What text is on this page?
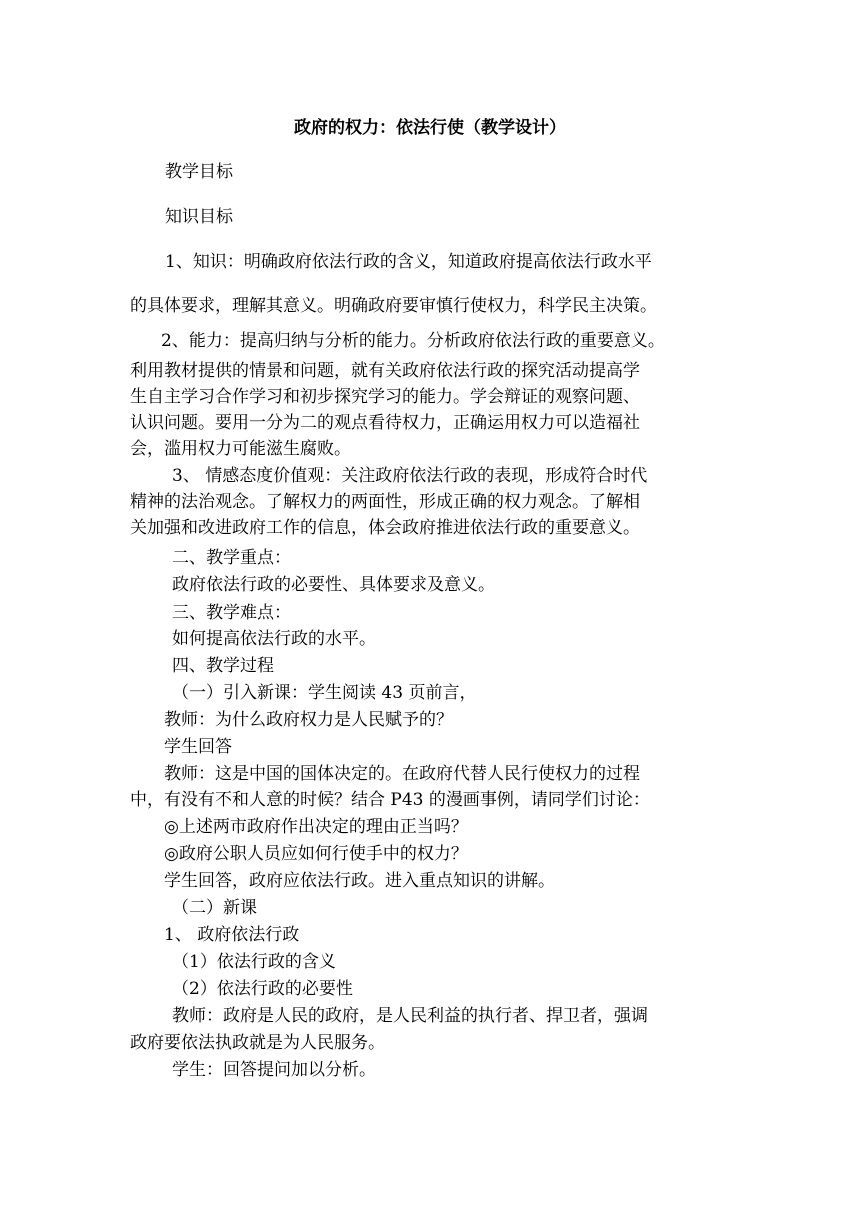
政府的权力：依法行使（教学设计）
教学目标
知识目标
1、知识：明确政府依法行政的含义，知道政府提高依法行政水平
的具体要求，理解其意义。明确政府要审慎行使权力，科学民主决策。
2、能力：提高归纳与分析的能力。分析政府依法行政的重要意义。
利用教材提供的情景和问题，就有关政府依法行政的探究活动提高学
生自主学习合作学习和初步探究学习的能力。学会辩证的观察问题、
认识问题。要用一分为二的观点看待权力，正确运用权力可以造福社
会，滥用权力可能滋生腐败。
3、 情感态度价值观：关注政府依法行政的表现，形成符合时代
精神的法治观念。了解权力的两面性，形成正确的权力观念。了解相
关加强和改进政府工作的信息，体会政府推进依法行政的重要意义。
二、教学重点：
政府依法行政的必要性、具体要求及意义。
三、教学难点：
如何提高依法行政的水平。
四、教学过程
（一）引入新课：学生阅读 43 页前言，
教师：为什么政府权力是人民赋予的？
学生回答
教师：这是中国的国体决定的。在政府代替人民行使权力的过程
中，有没有不和人意的时候？结合 P43 的漫画事例，请同学们讨论：
◎上述两市政府作出决定的理由正当吗？
◎政府公职人员应如何行使手中的权力？
学生回答，政府应依法行政。进入重点知识的讲解。
（二）新课
1、 政府依法行政
（1）依法行政的含义
（2）依法行政的必要性
教师：政府是人民的政府，是人民利益的执行者、捍卫者，强调
政府要依法执政就是为人民服务。
学生：回答提问加以分析。
